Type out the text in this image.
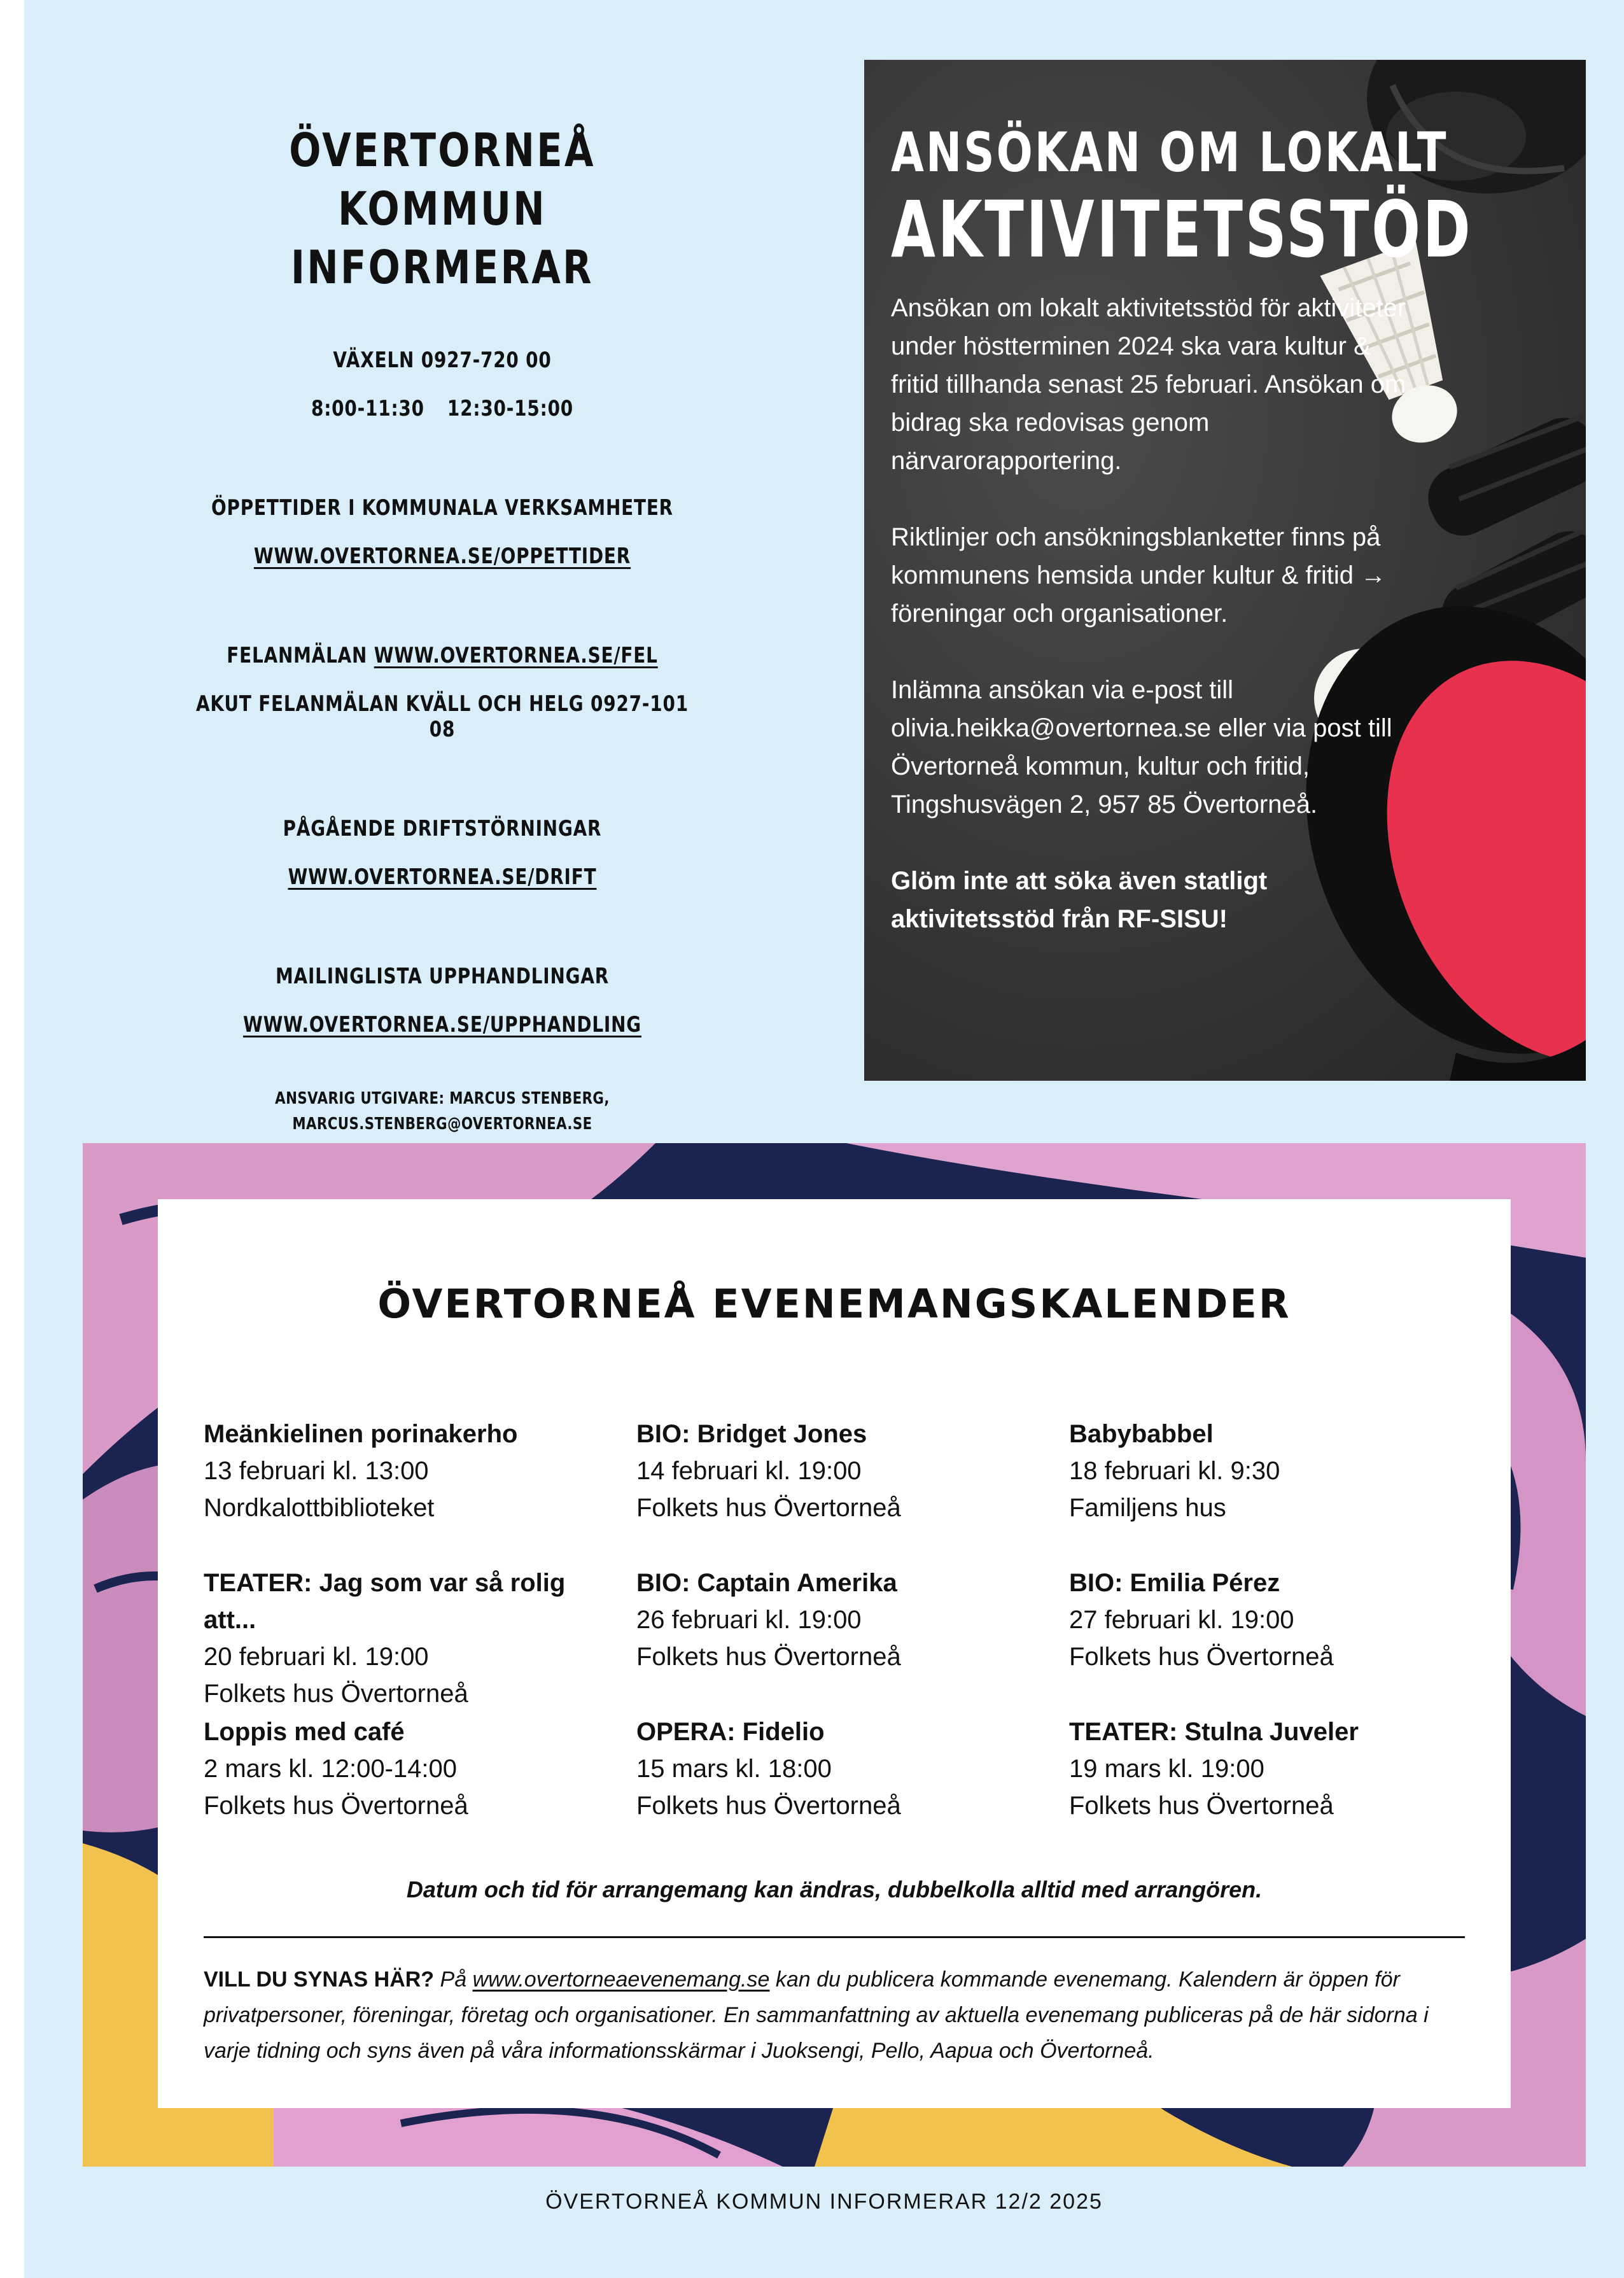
ÖVERTORNEÅ KOMMUN
INFORMERAR

VÄXELN 0927-720 00

8:00-11:30 12:30-15:00

ÖPPETTIDER I KOMMUNALA VERKSAMHETER

WWW.OVERTORNEA.SE/OPPETTIDER

FELANMÄLAN WWW.OVERTORNEA.SE/FEL

AKUT FELANMÄLAN KVÄLL OCH HELG 0927-101 08

PÅGÅENDE DRIFTSTÖRNINGAR

WWW.OVERTORNEA.SE/DRIFT

MAILINGLISTA UPPHANDLINGAR

WWW.OVERTORNEA.SE/UPPHANDLING

ANSVARIG UTGIVARE: MARCUS STENBERG, MARCUS.STENBERG@OVERTORNEA.SE

ANSÖKAN OM LOKALT
AKTIVITETSSTÖD

Ansökan om lokalt aktivitetsstöd för aktiviteter under höstterminen 2024 ska vara kultur & fritid tillhanda senast 25 februari. Ansökan om bidrag ska redovisas genom närvarorapportering.

Riktlinjer och ansökningsblanketter finns på kommunens hemsida under kultur & fritid → föreningar och organisationer.

Inlämna ansökan via e-post till olivia.heikka@overtornea.se eller via post till Övertorneå kommun, kultur och fritid, Tingshusvägen 2, 957 85 Övertorneå.

Glöm inte att söka även statligt aktivitetsstöd från RF-SISU!

ÖVERTORNEÅ EVENEMANGSKALENDER
Meänkielinen porinakerho
13 februari kl. 13:00
Nordkalottbiblioteket
BIO: Bridget Jones
14 februari kl. 19:00
Folkets hus Övertorneå
Babybabbel
18 februari kl. 9:30
Familjens hus
TEATER: Jag som var så rolig att...
20 februari kl. 19:00
Folkets hus Övertorneå
BIO: Captain Amerika
26 februari kl. 19:00
Folkets hus Övertorneå
BIO: Emilia Pérez
27 februari kl. 19:00
Folkets hus Övertorneå
Loppis med café
2 mars kl. 12:00-14:00
Folkets hus Övertorneå
OPERA: Fidelio
15 mars kl. 18:00
Folkets hus Övertorneå
TEATER: Stulna Juveler
19 mars kl. 19:00
Folkets hus Övertorneå
Datum och tid för arrangemang kan ändras, dubbelkolla alltid med arrangören.
VILL DU SYNAS HÄR? På www.overtorneaevenemang.se kan du publicera kommande evenemang. Kalendern är öppen för privatpersoner, föreningar, företag och organisationer. En sammanfattning av aktuella evenemang publiceras på de här sidorna i varje tidning och syns även på våra informationsskärmar i Juoksengi, Pello, Aapua och Övertorneå.
ÖVERTORNEÅ KOMMUN INFORMERAR 12/2 2025
